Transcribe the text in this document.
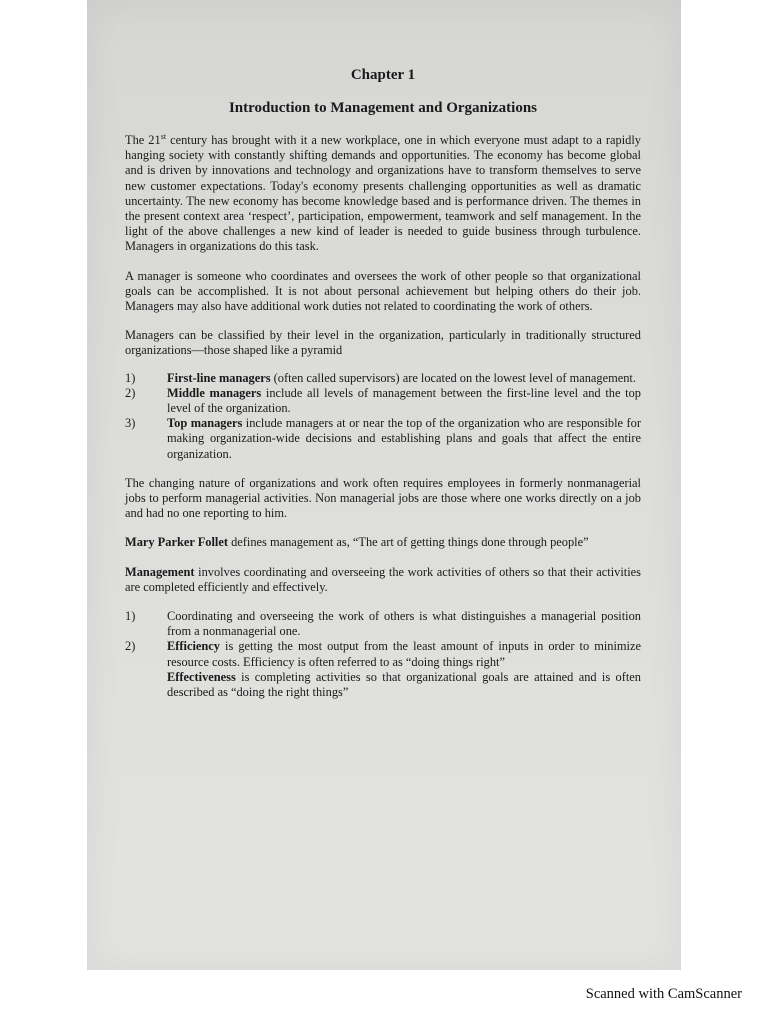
Chapter 1
Introduction to Management and Organizations

The 21st century has brought with it a new workplace, one in which everyone must adapt to a rapidly hanging society with constantly shifting demands and opportunities. The economy has become global and is driven by innovations and technology and organizations have to transform themselves to serve new customer expectations. Today's economy presents challenging opportunities as well as dramatic uncertainty. The new economy has become knowledge based and is performance driven. The themes in the present context area ‘respect’, participation, empowerment, teamwork and self management. In the light of the above challenges a new kind of leader is needed to guide business through turbulence. Managers in organizations do this task.

A manager is someone who coordinates and oversees the work of other people so that organizational goals can be accomplished. It is not about personal achievement but helping others do their job. Managers may also have additional work duties not related to coordinating the work of others.

Managers can be classified by their level in the organization, particularly in traditionally structured organizations—those shaped like a pyramid

1)	First-line managers (often called supervisors) are located on the lowest level of management.
2)	Middle managers include all levels of management between the first-line level and the top level of the organization.
3)	Top managers include managers at or near the top of the organization who are responsible for making organization-wide decisions and establishing plans and goals that affect the entire organization.

The changing nature of organizations and work often requires employees in formerly nonmanagerial jobs to perform managerial activities. Non managerial jobs are those where one works directly on a job and had no one reporting to him.

Mary Parker Follet defines management as, “The art of getting things done through people”

Management involves coordinating and overseeing the work activities of others so that their activities are completed efficiently and effectively.

1)	Coordinating and overseeing the work of others is what distinguishes a managerial position from a nonmanagerial one.
2)	Efficiency is getting the most output from the least amount of inputs in order to minimize resource costs. Efficiency is often referred to as “doing things right”
Effectiveness is completing activities so that organizational goals are attained and is often described as “doing the right things”
Scanned with CamScanner
